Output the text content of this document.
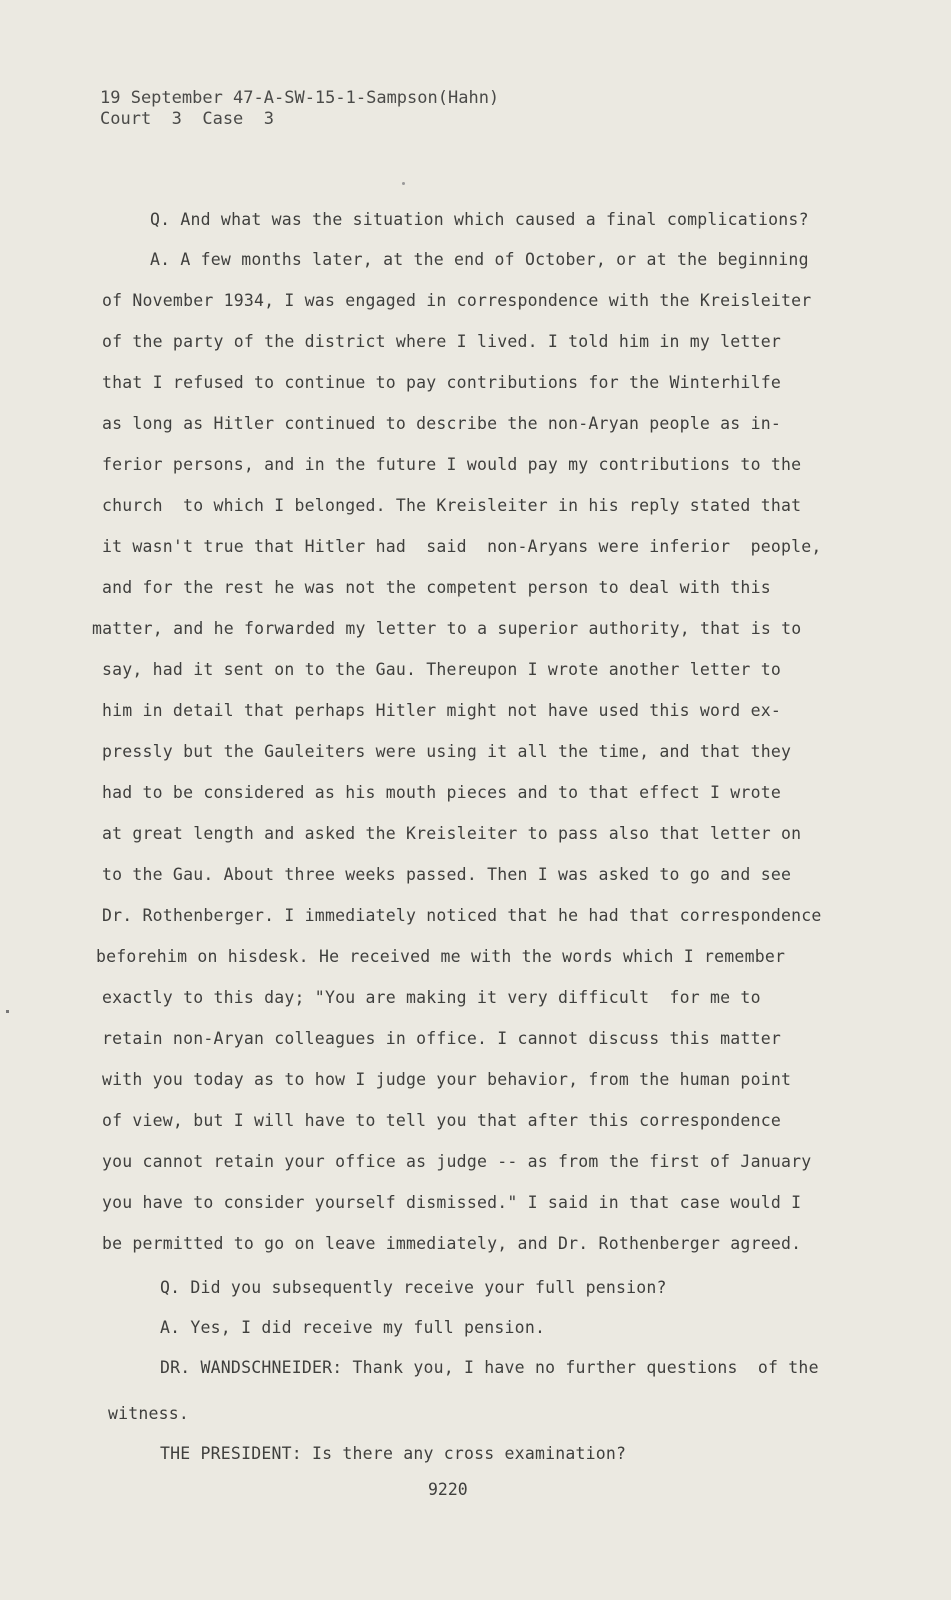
19 September 47-A-SW-15-1-Sampson(Hahn)
Court  3  Case  3
Q. And what was the situation which caused a final complications?
A. A few months later, at the end of October, or at the beginning
of November 1934, I was engaged in correspondence with the Kreisleiter
of the party of the district where I lived. I told him in my letter
that I refused to continue to pay contributions for the Winterhilfe
as long as Hitler continued to describe the non-Aryan people as in-
ferior persons, and in the future I would pay my contributions to the
church  to which I belonged. The Kreisleiter in his reply stated that
it wasn't true that Hitler had  said  non-Aryans were inferior  people,
and for the rest he was not the competent person to deal with this
matter, and he forwarded my letter to a superior authority, that is to
say, had it sent on to the Gau. Thereupon I wrote another letter to
him in detail that perhaps Hitler might not have used this word ex-
pressly but the Gauleiters were using it all the time, and that they
had to be considered as his mouth pieces and to that effect I wrote
at great length and asked the Kreisleiter to pass also that letter on
to the Gau. About three weeks passed. Then I was asked to go and see
Dr. Rothenberger. I immediately noticed that he had that correspondence
beforehim on hisdesk. He received me with the words which I remember
exactly to this day; "You are making it very difficult  for me to
retain non-Aryan colleagues in office. I cannot discuss this matter
with you today as to how I judge your behavior, from the human point
of view, but I will have to tell you that after this correspondence
you cannot retain your office as judge -- as from the first of January
you have to consider yourself dismissed." I said in that case would I
be permitted to go on leave immediately, and Dr. Rothenberger agreed.
Q. Did you subsequently receive your full pension?
A. Yes, I did receive my full pension.
DR. WANDSCHNEIDER: Thank you, I have no further questions  of the
witness.
THE PRESIDENT: Is there any cross examination?
9220
